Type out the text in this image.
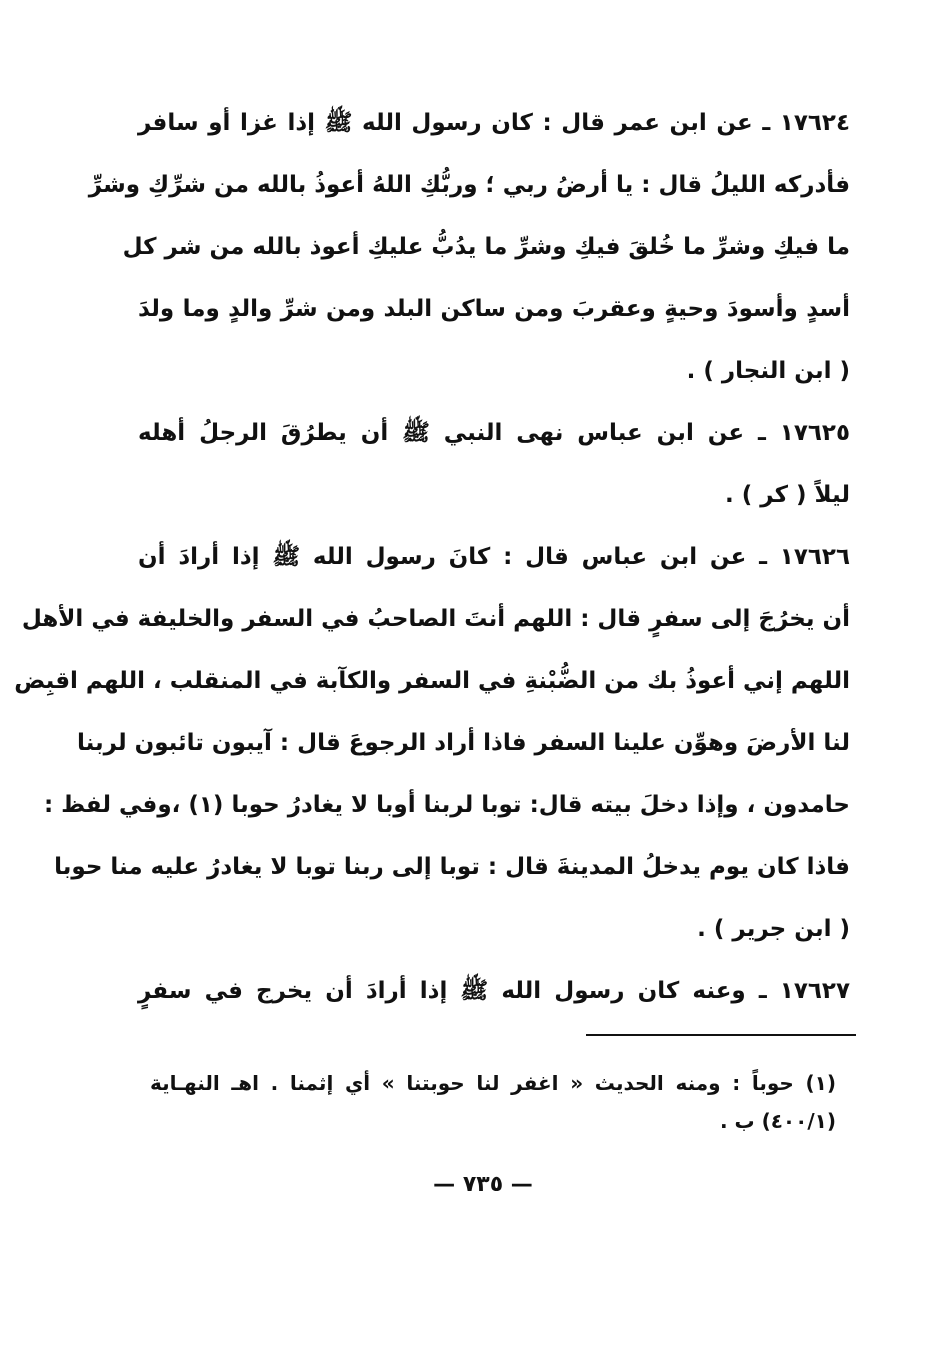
١٧٦٢٤ ـ عن ابن عمر قال : كان رسول الله ﷺ إذا غزا أو سافر
فأدركه الليلُ قال : يا أرضُ ربي ؛ وربُّكِ اللهُ أعوذُ بالله من شرِّكِ وشرِّ
ما فيكِ وشرِّ ما خُلقَ فيكِ وشرِّ ما يدُبُّ عليكِ أعوذ بالله من شر كل
أسدٍ وأسودَ وحيةٍ وعقربَ ومن ساكن البلد ومن شرِّ والدٍ وما ولدَ
( ابن النجار ) .
١٧٦٢٥ ـ عن ابن عباس نهى النبي ﷺ أن يطرُقَ الرجلُ أهله
ليلاً ( كر ) .
١٧٦٢٦ ـ عن ابن عباس قال : كانَ رسول الله ﷺ إذا أرادَ أن
أن يخرُجَ إلى سفرٍ قال : اللهم أنتَ الصاحبُ في السفر والخليفة في الأهل
اللهم إني أعوذُ بك من الضُّبْنةِ في السفر والكآبة في المنقلب ، اللهم اقبِض
لنا الأرضَ وهوِّن علينا السفر فاذا أراد الرجوعَ قال : آيبون تائبون لربنا
حامدون ، وإذا دخلَ بيته قال: توبا لربنا أوبا لا يغادرُ حوبا (١) ،وفي لفظ :
فاذا كان يوم يدخلُ المدينةَ قال : توبا إلى ربنا توبا لا يغادرُ عليه منا حوبا
( ابن جرير ) .
١٧٦٢٧ ـ وعنه كان رسول الله ﷺ إذا أرادَ أن يخرج في سفرٍ
(١) حوباً : ومنه الحديث « اغفر لنا حوبتنا » أي إثمنا . اهـ النهـاية
(٤٠٠/١) ب .
— ٧٣٥ —
